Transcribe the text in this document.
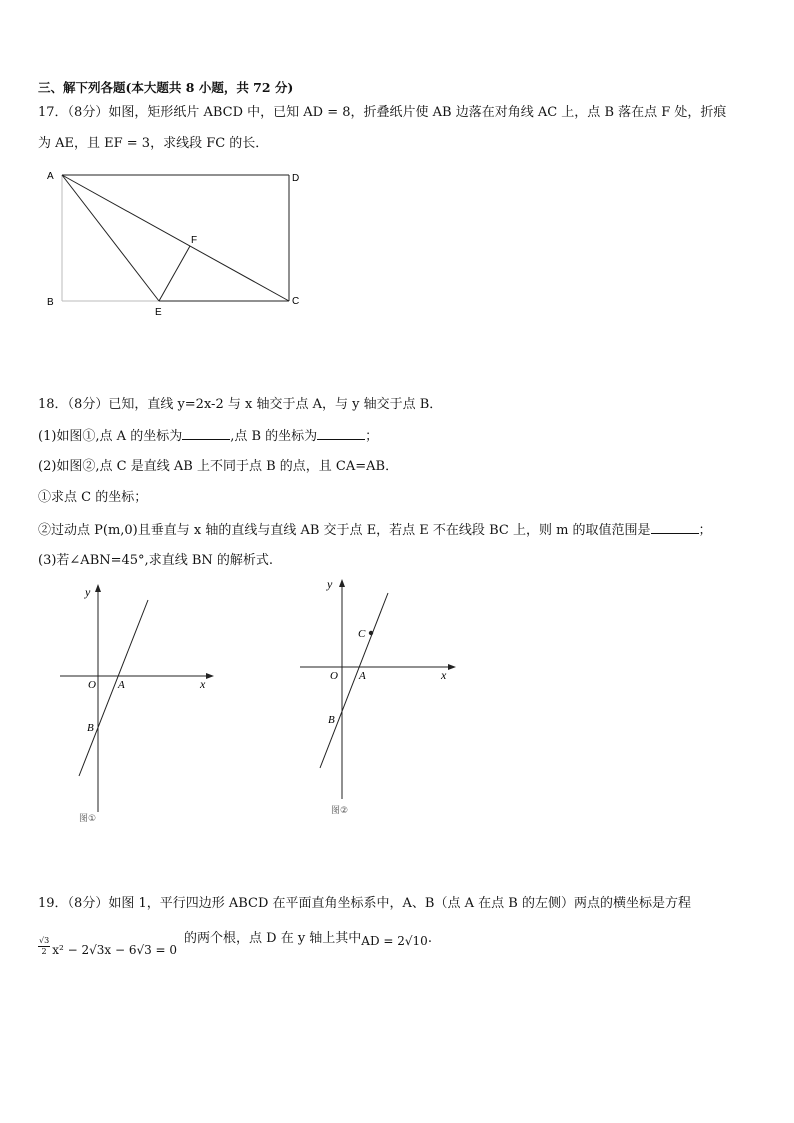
三、解下列各题(本大题共 8 小题，共 72 分)
17．（8分）如图，矩形纸片 ABCD 中，已知 AD = 8，折叠纸片使 AB 边落在对角线 AC 上，点 B 落在点 F 处，折痕
为 AE，且 EF = 3，求线段 FC 的长．
A	D
B
E
C
F
18．（8分）已知，直线 y=2x-2 与 x 轴交于点 A，与 y 轴交于点 B．
(1)如图①,点 A 的坐标为	,点 B 的坐标为	；
(2)如图②,点 C 是直线 AB 上不同于点 B 的点，且 CA=AB．
①求点 C 的坐标；
②过动点 P(m,0)且垂直与 x 轴的直线与直线 AB 交于点 E，若点 E 不在线段 BC 上，则 m 的取值范围是	；
(3)若∠ABN=45°,求直线 BN 的解析式.
y
x
O A
B
图①
y
x
O A
B
C
图②
19．（8分）如图 1，平行四边形 ABCD 在平面直角坐标系中，A、B（点 A 在点 B 的左侧）两点的横坐标是方程
$\frac{√3}{2} x^2 - 2√3x - 6√3 = 0$
的两个根，点 D 在 y 轴上其中AD = 2√10.
